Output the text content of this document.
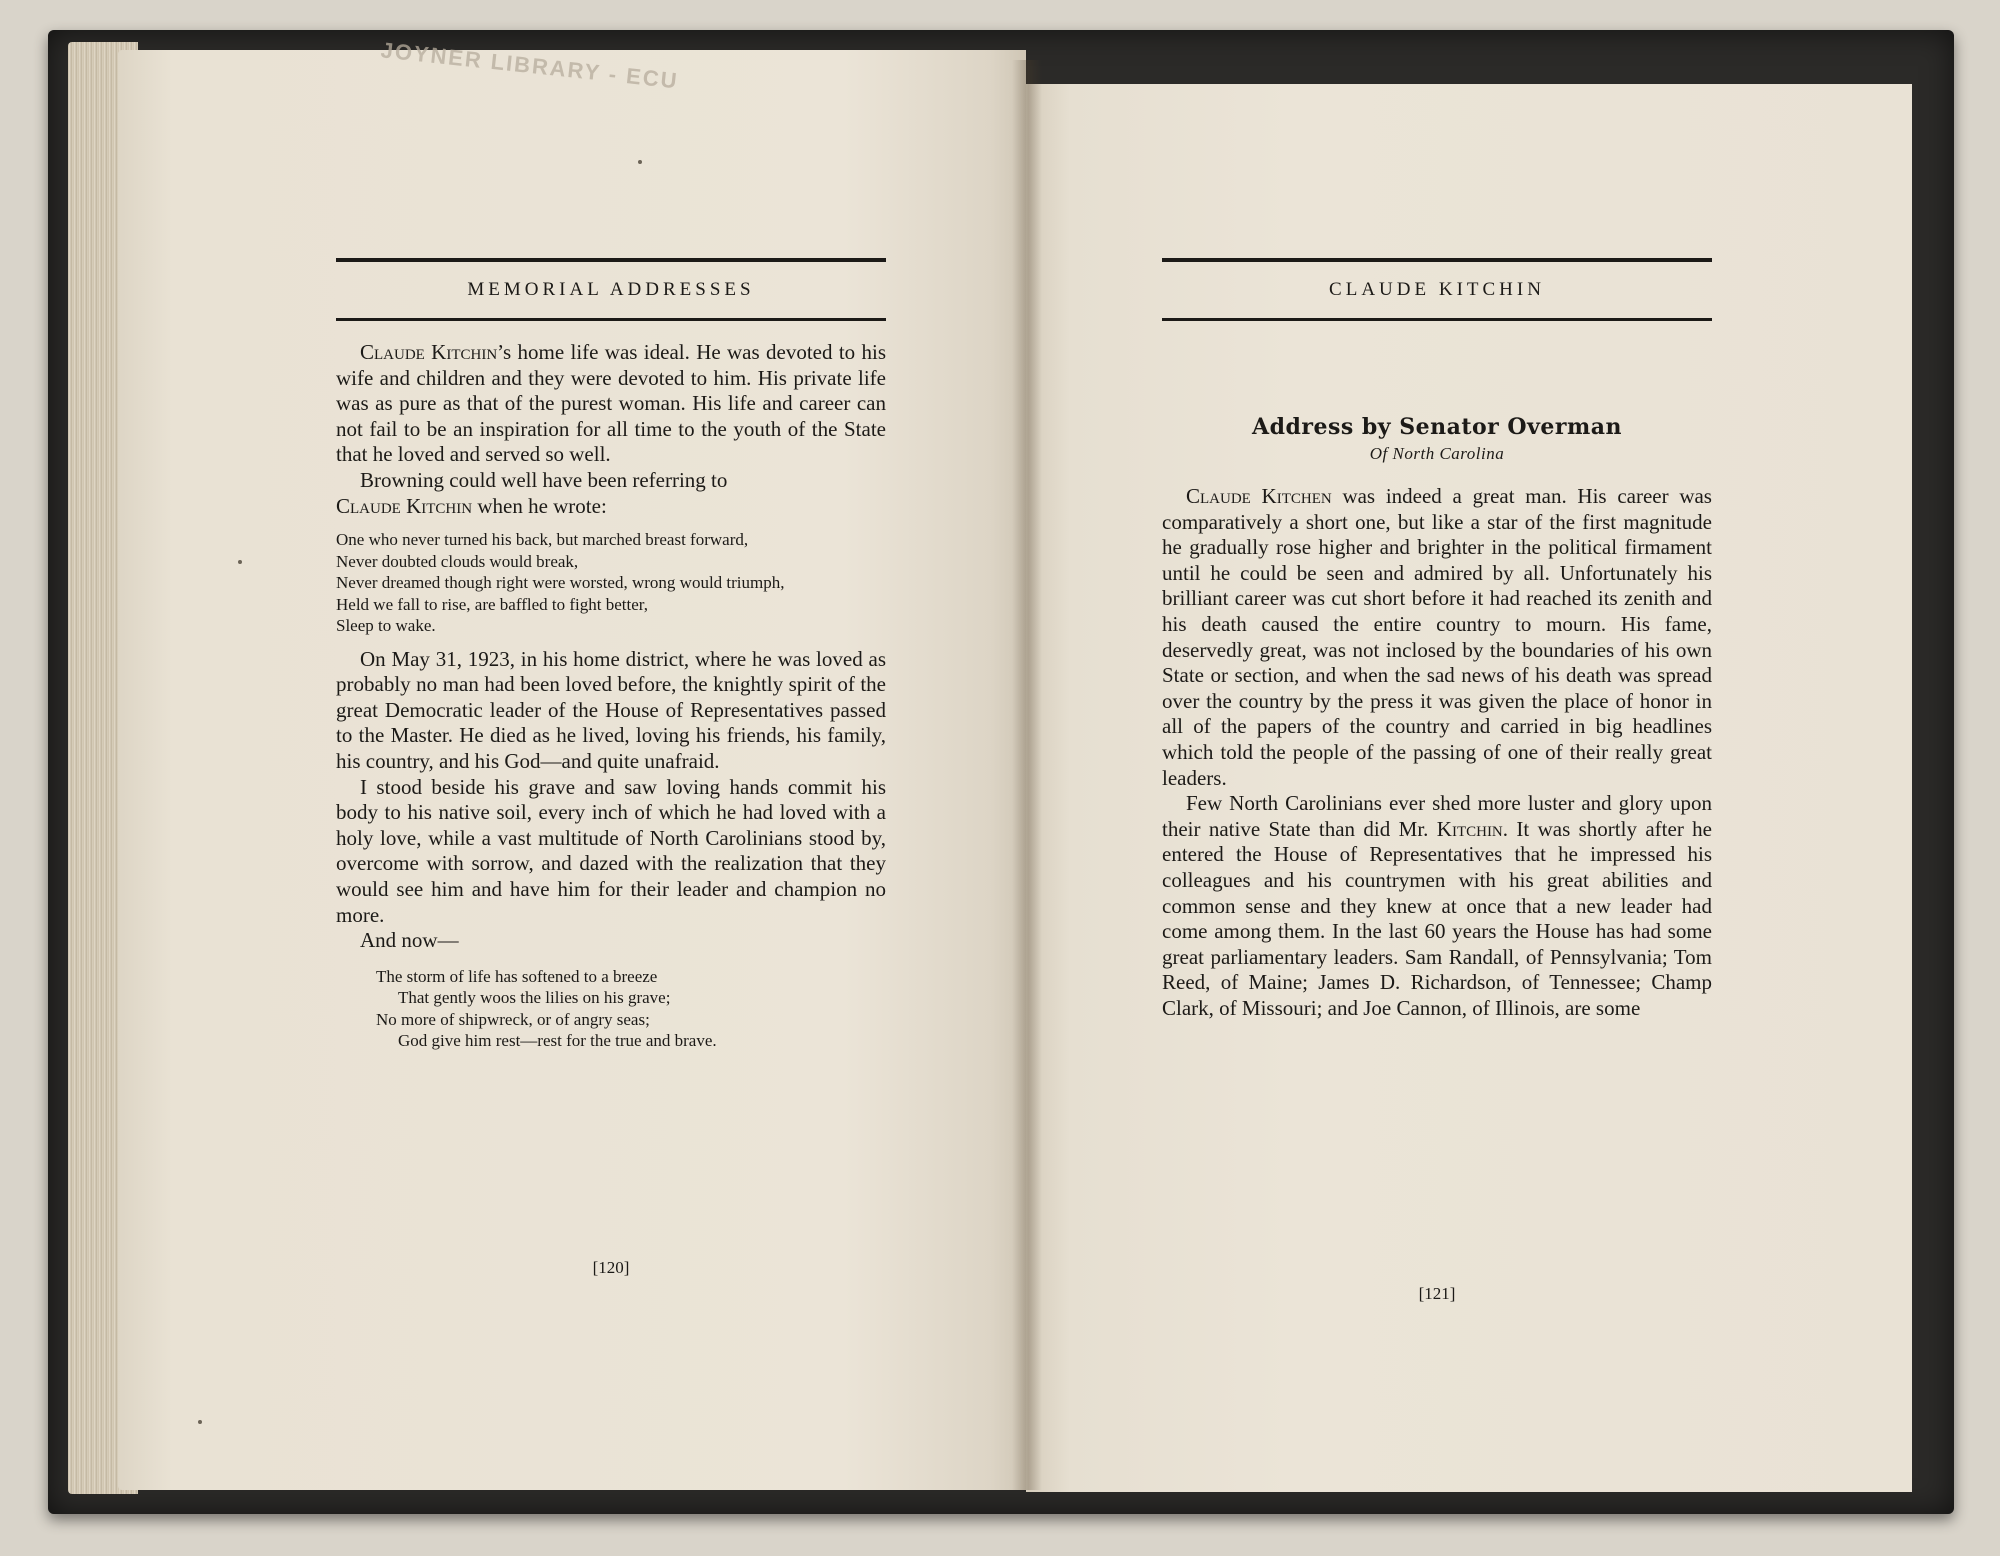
MEMORIAL ADDRESSES

Claude Kitchin’s home life was ideal. He was devoted to his wife and children and they were devoted to him. His private life was as pure as that of the purest woman. His life and career can not fail to be an inspiration for all time to the youth of the State that he loved and served so well.

Browning could well have been referring to
Claude Kitchin when he wrote:

One who never turned his back, but marched breast forward,
Never doubted clouds would break,
Never dreamed though right were worsted, wrong would triumph,
Held we fall to rise, are baffled to fight better,
Sleep to wake.

On May 31, 1923, in his home district, where he was loved as probably no man had been loved before, the knightly spirit of the great Democratic leader of the House of Representatives passed to the Master. He died as he lived, loving his friends, his family, his country, and his God—and quite unafraid.

I stood beside his grave and saw loving hands commit his body to his native soil, every inch of which he had loved with a holy love, while a vast multitude of North Carolinians stood by, overcome with sorrow, and dazed with the realization that they would see him and have him for their leader and champion no more.

And now—

The storm of life has softened to a breeze
That gently woos the lilies on his grave;
No more of shipwreck, or of angry seas;
God give him rest—rest for the true and brave.
[120]
JOYNER LIBRARY - ECU
CLAUDE KITCHIN
Address by Senator Overman
Of North Carolina

Claude Kitchen was indeed a great man. His career was comparatively a short one, but like a star of the first magnitude he gradually rose higher and brighter in the political firmament until he could be seen and admired by all. Unfortunately his brilliant career was cut short before it had reached its zenith and his death caused the entire country to mourn. His fame, deservedly great, was not inclosed by the boundaries of his own State or section, and when the sad news of his death was spread over the country by the press it was given the place of honor in all of the papers of the country and carried in big headlines which told the people of the passing of one of their really great leaders.

Few North Carolinians ever shed more luster and glory upon their native State than did Mr. Kitchin. It was shortly after he entered the House of Representatives that he impressed his colleagues and his countrymen with his great abilities and common sense and they knew at once that a new leader had come among them. In the last 60 years the House has had some great parliamentary leaders. Sam Randall, of Pennsylvania; Tom Reed, of Maine; James D. Richardson, of Tennessee; Champ Clark, of Missouri; and Joe Cannon, of Illinois, are some

[121]
